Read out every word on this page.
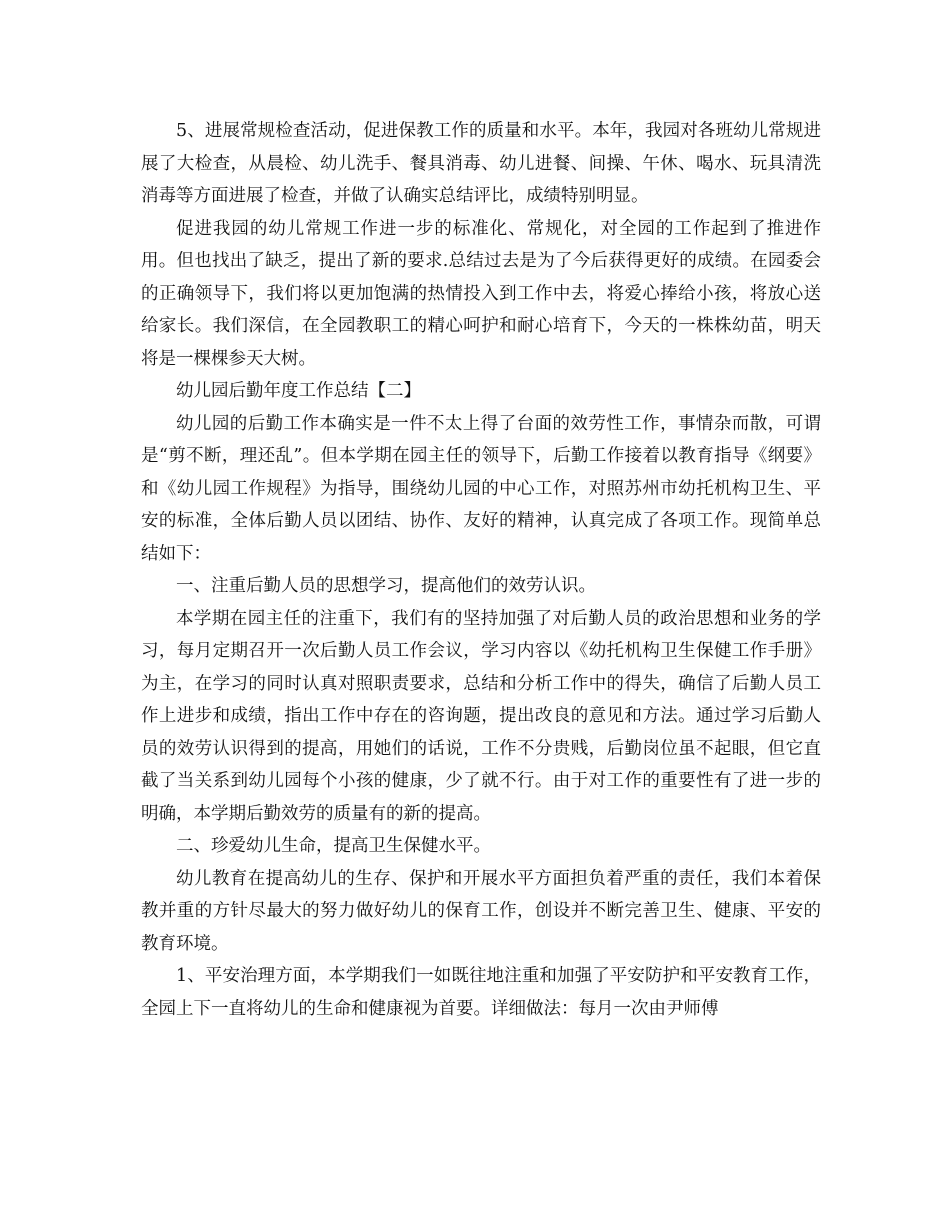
5、进展常规检查活动，促进保教工作的质量和水平。本年，我园对各班幼儿常规进展了大检查，从晨检、幼儿洗手、餐具消毒、幼儿进餐、间操、午休、喝水、玩具清洗消毒等方面进展了检查，并做了认确实总结评比，成绩特别明显。

促进我园的幼儿常规工作进一步的标准化、常规化，对全园的工作起到了推进作用。但也找出了缺乏，提出了新的要求.总结过去是为了今后获得更好的成绩。在园委会的正确领导下，我们将以更加饱满的热情投入到工作中去，将爱心捧给小孩，将放心送给家长。我们深信，在全园教职工的精心呵护和耐心培育下，今天的一株株幼苗，明天将是一棵棵参天大树。

幼儿园后勤年度工作总结【二】

幼儿园的后勤工作本确实是一件不太上得了台面的效劳性工作，事情杂而散，可谓是“剪不断，理还乱”。但本学期在园主任的领导下，后勤工作接着以教育指导《纲要》和《幼儿园工作规程》为指导，围绕幼儿园的中心工作，对照苏州市幼托机构卫生、平安的标准，全体后勤人员以团结、协作、友好的精神，认真完成了各项工作。现简单总结如下：

一、注重后勤人员的思想学习，提高他们的效劳认识。

本学期在园主任的注重下，我们有的坚持加强了对后勤人员的政治思想和业务的学习，每月定期召开一次后勤人员工作会议，学习内容以《幼托机构卫生保健工作手册》为主，在学习的同时认真对照职责要求，总结和分析工作中的得失，确信了后勤人员工作上进步和成绩，指出工作中存在的咨询题，提出改良的意见和方法。通过学习后勤人员的效劳认识得到的提高，用她们的话说，工作不分贵贱，后勤岗位虽不起眼，但它直截了当关系到幼儿园每个小孩的健康，少了就不行。由于对工作的重要性有了进一步的明确，本学期后勤效劳的质量有的新的提高。

二、珍爱幼儿生命，提高卫生保健水平。

幼儿教育在提高幼儿的生存、保护和开展水平方面担负着严重的责任，我们本着保教并重的方针尽最大的努力做好幼儿的保育工作，创设并不断完善卫生、健康、平安的教育环境。

1、平安治理方面，本学期我们一如既往地注重和加强了平安防护和平安教育工作，全园上下一直将幼儿的生命和健康视为首要。详细做法：每月一次由尹师傅
